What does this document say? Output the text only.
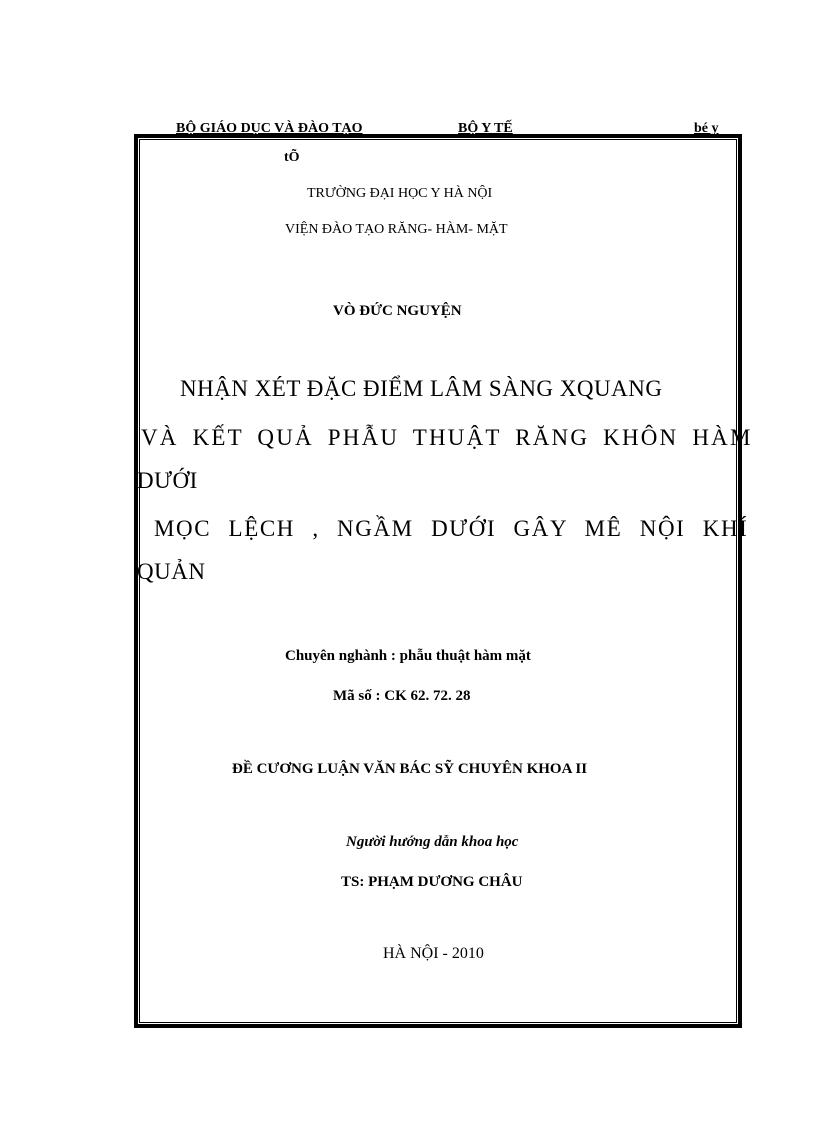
BỘ GIÁO DỤC VÀ ĐÀO TẠO	BỘ Y TẾ	bé y
tÕ
TRƯỜNG ĐẠI HỌC Y HÀ NỘI
VIỆN ĐÀO TẠO RĂNG- HÀM- MẶT
VÒ ĐỨC NGUYỆN
NHẬN XÉT ĐẶC ĐIỂM LÂM SÀNG XQUANG
VÀ KẾT QUẢ PHẪU THUẬT RĂNG KHÔN HÀM
DƯỚI
MỌC LỆCH , NGẦM DƯỚI GÂY MÊ NỘI KHÍ
QUẢN
Chuyên nghành : phẫu thuật hàm mặt
Mã số : CK 62. 72. 28
ĐỀ CƯƠNG LUẬN VĂN BÁC SỸ CHUYÊN KHOA II
Người hướng dẫn khoa học
TS: PHẠM DƯƠNG CHÂU
HÀ NỘI - 2010
